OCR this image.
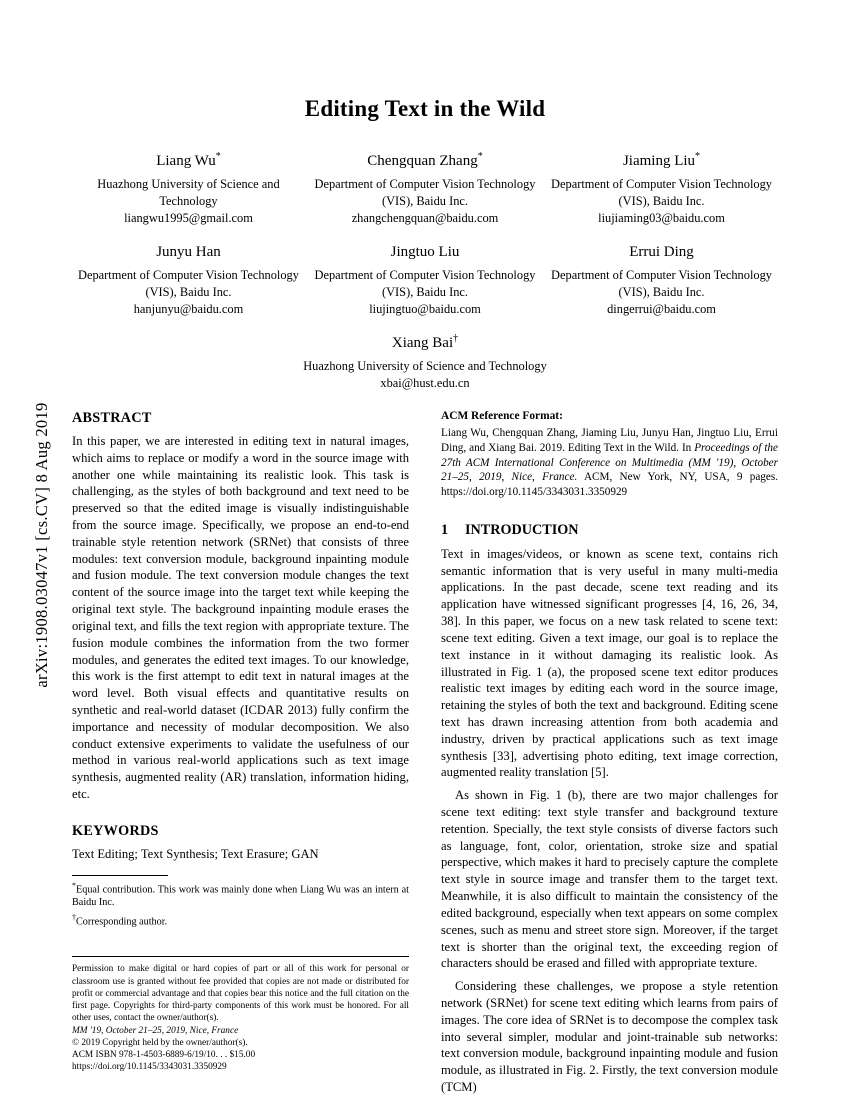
arXiv:1908.03047v1 [cs.CV] 8 Aug 2019
Editing Text in the Wild
Liang Wu*
Huazhong University of Science and Technology
liangwu1995@gmail.com
Chengquan Zhang*
Department of Computer Vision Technology (VIS), Baidu Inc.
zhangchengquan@baidu.com
Jiaming Liu*
Department of Computer Vision Technology (VIS), Baidu Inc.
liujiaming03@baidu.com
Junyu Han
Department of Computer Vision Technology (VIS), Baidu Inc.
hanjunyu@baidu.com
Jingtuo Liu
Department of Computer Vision Technology (VIS), Baidu Inc.
liujingtuo@baidu.com
Errui Ding
Department of Computer Vision Technology (VIS), Baidu Inc.
dingerrui@baidu.com
Xiang Bai†
Huazhong University of Science and Technology
xbai@hust.edu.cn
ABSTRACT

In this paper, we are interested in editing text in natural images, which aims to replace or modify a word in the source image with another one while maintaining its realistic look. This task is challenging, as the styles of both background and text need to be preserved so that the edited image is visually indistinguishable from the source image. Specifically, we propose an end-to-end trainable style retention network (SRNet) that consists of three modules: text conversion module, background inpainting module and fusion module. The text conversion module changes the text content of the source image into the target text while keeping the original text style. The background inpainting module erases the original text, and fills the text region with appropriate texture. The fusion module combines the information from the two former modules, and generates the edited text images. To our knowledge, this work is the first attempt to edit text in natural images at the word level. Both visual effects and quantitative results on synthetic and real-world dataset (ICDAR 2013) fully confirm the importance and necessity of modular decomposition. We also conduct extensive experiments to validate the usefulness of our method in various real-world applications such as text image synthesis, augmented reality (AR) translation, information hiding, etc.

KEYWORDS

Text Editing; Text Synthesis; Text Erasure; GAN

*Equal contribution. This work was mainly done when Liang Wu was an intern at Baidu Inc.

†Corresponding author.

Permission to make digital or hard copies of part or all of this work for personal or classroom use is granted without fee provided that copies are not made or distributed for profit or commercial advantage and that copies bear this notice and the full citation on the first page. Copyrights for third-party components of this work must be honored. For all other uses, contact the owner/author(s).

MM '19, October 21–25, 2019, Nice, France

© 2019 Copyright held by the owner/author(s).

ACM ISBN 978-1-4503-6889-6/19/10. . . $15.00

https://doi.org/10.1145/3343031.3350929

ACM Reference Format:

Liang Wu, Chengquan Zhang, Jiaming Liu, Junyu Han, Jingtuo Liu, Errui Ding, and Xiang Bai. 2019. Editing Text in the Wild. In Proceedings of the 27th ACM International Conference on Multimedia (MM '19), October 21–25, 2019, Nice, France. ACM, New York, NY, USA, 9 pages. https://doi.org/10.1145/3343031.3350929

1	INTRODUCTION

Text in images/videos, or known as scene text, contains rich semantic information that is very useful in many multi-media applications. In the past decade, scene text reading and its application have witnessed significant progresses [4, 16, 26, 34, 38]. In this paper, we focus on a new task related to scene text: scene text editing. Given a text image, our goal is to replace the text instance in it without damaging its realistic look. As illustrated in Fig. 1 (a), the proposed scene text editor produces realistic text images by editing each word in the source image, retaining the styles of both the text and background. Editing scene text has drawn increasing attention from both academia and industry, driven by practical applications such as text image synthesis [33], advertising photo editing, text image correction, augmented reality translation [5].

As shown in Fig. 1 (b), there are two major challenges for scene text editing: text style transfer and background texture retention. Specially, the text style consists of diverse factors such as language, font, color, orientation, stroke size and spatial perspective, which makes it hard to precisely capture the complete text style in source image and transfer them to the target text. Meanwhile, it is also difficult to maintain the consistency of the edited background, especially when text appears on some complex scenes, such as menu and street store sign. Moreover, if the target text is shorter than the original text, the exceeding region of characters should be erased and filled with appropriate texture.

Considering these challenges, we propose a style retention network (SRNet) for scene text editing which learns from pairs of images. The core idea of SRNet is to decompose the complex task into several simpler, modular and joint-trainable sub networks: text conversion module, background inpainting module and fusion module, as illustrated in Fig. 2. Firstly, the text conversion module (TCM)
